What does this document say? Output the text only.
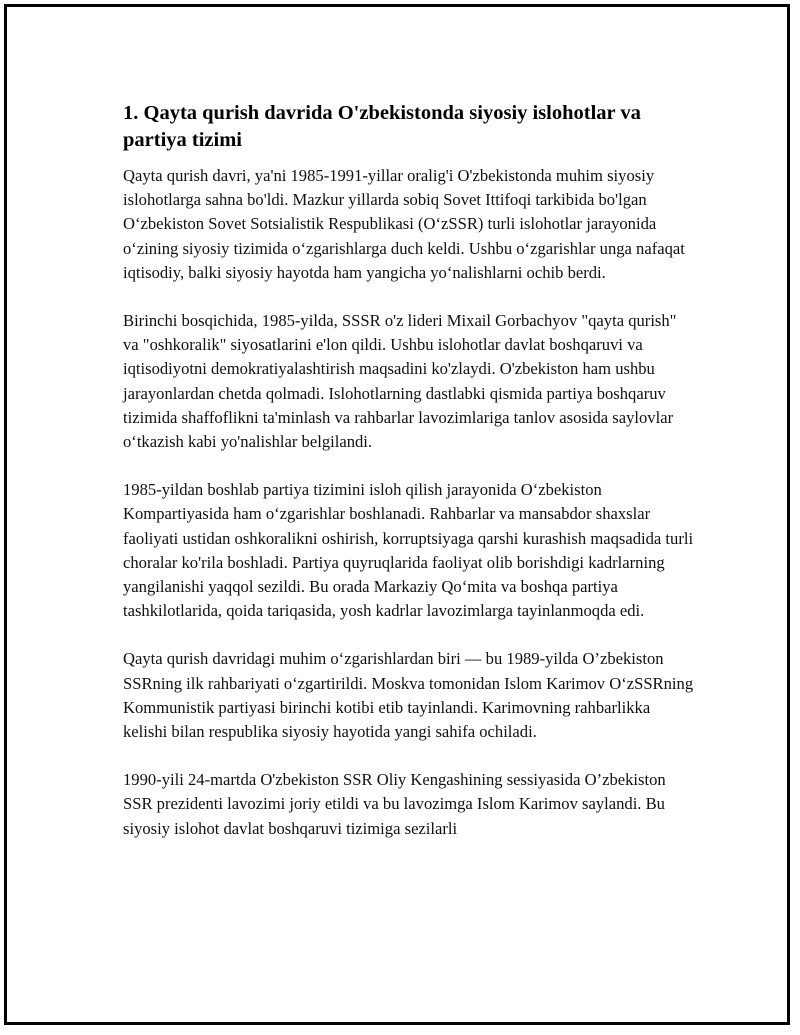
1. Qayta qurish davrida O'zbekistonda siyosiy islohotlar va partiya tizimi

Qayta qurish davri, ya'ni 1985-1991-yillar oralig'i O'zbekistonda muhim siyosiy islohotlarga sahna bo'ldi. Mazkur yillarda sobiq Sovet Ittifoqi tarkibida bo'lgan O‘zbekiston Sovet Sotsialistik Respublikasi (O‘zSSR) turli islohotlar jarayonida o‘zining siyosiy tizimida o‘zgarishlarga duch keldi. Ushbu o‘zgarishlar unga nafaqat iqtisodiy, balki siyosiy hayotda ham yangicha yo‘nalishlarni ochib berdi.

Birinchi bosqichida, 1985-yilda, SSSR o'z lideri Mixail Gorbachyov "qayta qurish" va "oshkoralik" siyosatlarini e'lon qildi. Ushbu islohotlar davlat boshqaruvi va iqtisodiyotni demokratiyalashtirish maqsadini ko'zlaydi. O'zbekiston ham ushbu jarayonlardan chetda qolmadi. Islohotlarning dastlabki qismida partiya boshqaruv tizimida shaffoflikni ta'minlash va rahbarlar lavozimlariga tanlov asosida saylovlar o‘tkazish kabi yo'nalishlar belgilandi.

1985-yildan boshlab partiya tizimini isloh qilish jarayonida O‘zbekiston Kompartiyasida ham o‘zgarishlar boshlanadi. Rahbarlar va mansabdor shaxslar faoliyati ustidan oshkoralikni oshirish, korruptsiyaga qarshi kurashish maqsadida turli choralar ko'rila boshladi. Partiya quyruqlarida faoliyat olib borishdigi kadrlarning yangilanishi yaqqol sezildi. Bu orada Markaziy Qo‘mita va boshqa partiya tashkilotlarida, qoida tariqasida, yosh kadrlar lavozimlarga tayinlanmoqda edi.

Qayta qurish davridagi muhim o‘zgarishlardan biri — bu 1989-yilda O’zbekiston SSRning ilk rahbariyati o‘zgartirildi. Moskva tomonidan Islom Karimov O‘zSSRning Kommunistik partiyasi birinchi kotibi etib tayinlandi. Karimovning rahbarlikka kelishi bilan respublika siyosiy hayotida yangi sahifa ochiladi.

1990-yili 24-martda O'zbekiston SSR Oliy Kengashining sessiyasida O’zbekiston SSR prezidenti lavozimi joriy etildi va bu lavozimga Islom Karimov saylandi. Bu siyosiy islohot davlat boshqaruvi tizimiga sezilarli
